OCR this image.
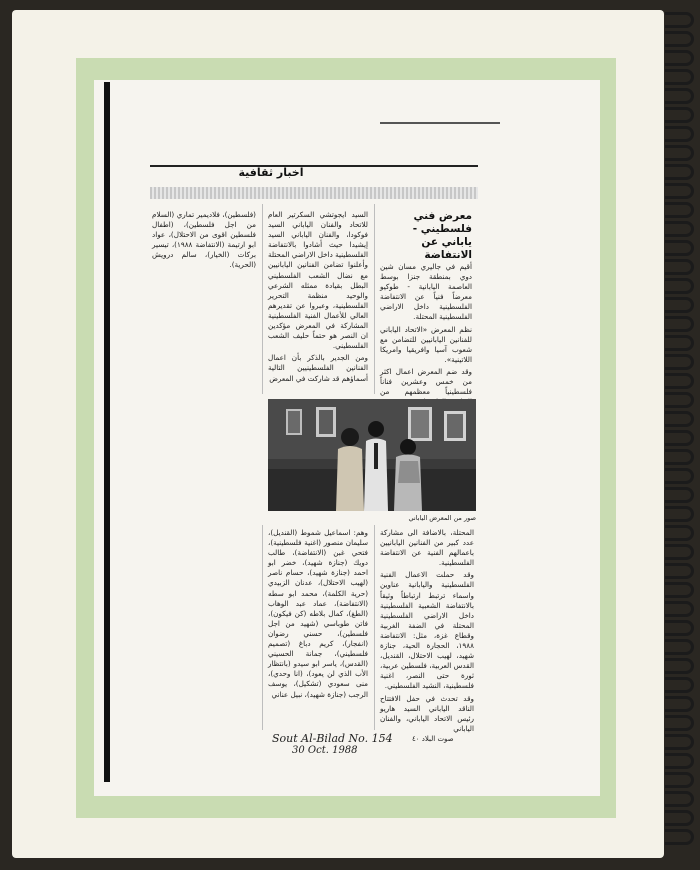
اخبار ثقافية
معرض فني فلسطيني - ياباني عن الانتفاضة

أقيم في جاليري مسان شين دوي بمنطقة جنزا بوسط العاصمة اليابانية - طوكيو معرضاً فنياً عن الانتفاضة الفلسطينية داخل الاراضي الفلسطينية المحتلة.

نظم المعرض «الاتحاد الياباني للفنانين اليابانيين للتضامن مع شعوب آسيا وافريقيا وامريكا اللاتينية».

وقد ضم المعرض اعمال اكثر من خمس وعشرين فناناً فلسطينياً معظمهم من

السيد ايجوتشي السكرتير العام للاتحاد والفنان الياباني السيد فوكودا، والفنان الياباني السيد إيشيدا حيث أشادوا بالانتفاضة الفلسطينية داخل الاراضي المحتلة وأعلنوا تضامن الفنانين اليابانيين مع نضال الشعب الفلسطيني البطل بقيادة ممثله الشرعي والوحيد منظمة التحرير الفلسطينية، وعبروا عن تقديرهم العالي للأعمال الفنية الفلسطينية المشاركة في المعرض مؤكدين ان النصر هو حتماً حليف الشعب الفلسطيني.

ومن الجدير بالذكر بأن اعمال الفنانين الفلسطينيين التالية أسماؤهم قد شاركت في المعرض

(فلسطين)، فلاديمير تماري (السلام من اجل فلسطين)، (اطفال فلسطين اقوى من الاحتلال)، عواد ابو ارتيمة (الانتفاضة ١٩٨٨)، تيسير بركات (الخيار)، سالم درويش (الحرية).

صور من المعرض الياباني

المحتلة، بالاضافة الى مشاركة عدد كبير من الفنانين اليابانيين باعمالهم الفنية عن الانتفاضة الفلسطينية.

وقد حملت الاعمال الفنية الفلسطينية واليابانية عناوين واسماء ترتبط ارتباطاً وثيقاً بالانتفاضة الشعبية الفلسطينية داخل الاراضي الفلسطينية المحتلة في الضفة الغربية وقطاع غزة، مثل: الانتفاضة ١٩٨٨، الحجارة الحية، جنازة شهيد، لهيب الاحتلال، القنديل، القدس العربية، فلسطين عربية، ثورة حتى النصر، اغنية فلسطينية، النشيد الفلسطيني.

وقد تحدث في حفل الافتتاح الناقد الياباني السيد هاريو رئيس الاتحاد الياباني، والفنان الياباني

وهم: اسماعيل شموط (القنديل)، سليمان منصور (اغنية فلسطينية)، فتحي غبن (الانتفاضة)، طالب دويك (جنازة شهيد)، خضر ابو احمد (جنازة شهيد)، حسام ناصر (لهيب الاحتلال)، عدنان الزبيدي (حرية الكلمة)، محمد ابو سطه (الانتفاضة)، عماد عبد الوهاب (الطغ)، كمال بلاطه (كن فيكون)، فاتن طوباسي (شهيد من اجل فلسطين)، حسني رضوان (انفجار)، كريم دباغ (تصميم فلسطيني)، جمانة الحسيني (القدس)، ياسر ابو سيدو (بانتظار الأب الذي لن يعود)، (انا وحدي)، منى سعودي (تشكيل)، يوسف الرجب (جنازة شهيد)، نبيل عناني

Sout Al-Bilad No. 154
30 Oct. 1988
صوت البلاد ٤٠
